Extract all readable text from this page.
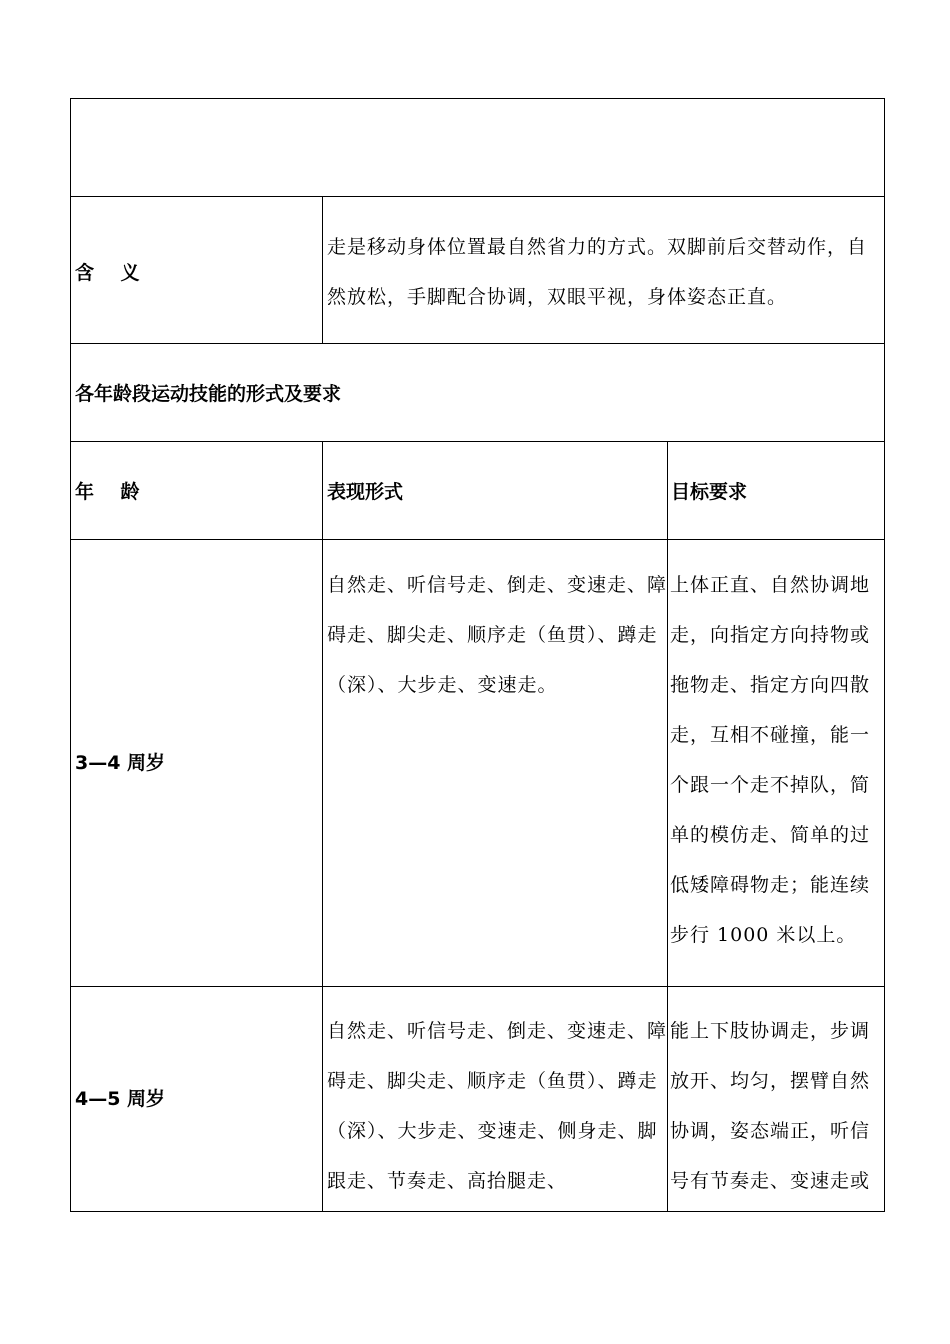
含    义
走是移动身体位置最自然省力的方式。双脚前后交替动作，自然放松，手脚配合协调，双眼平视，身体姿态正直。
各年龄段运动技能的形式及要求
年    龄	表现形式	目标要求
3—4 周岁
自然走、听信号走、倒走、变速走、障碍走、脚尖走、顺序走（鱼贯）、蹲走（深）、大步走、变速走。
上体正直、自然协调地走，向指定方向持物或拖物走、指定方向四散走，互相不碰撞，能一个跟一个走不掉队，简单的模仿走、简单的过低矮障碍物走；能连续步行 1000 米以上。
4—5 周岁
自然走、听信号走、倒走、变速走、障碍走、脚尖走、顺序走（鱼贯）、蹲走（深）、大步走、变速走、侧身走、脚跟走、节奏走、高抬腿走、
能上下肢协调走，步调放开、均匀，摆臂自然协调，姿态端正，听信号有节奏走、变速走或
